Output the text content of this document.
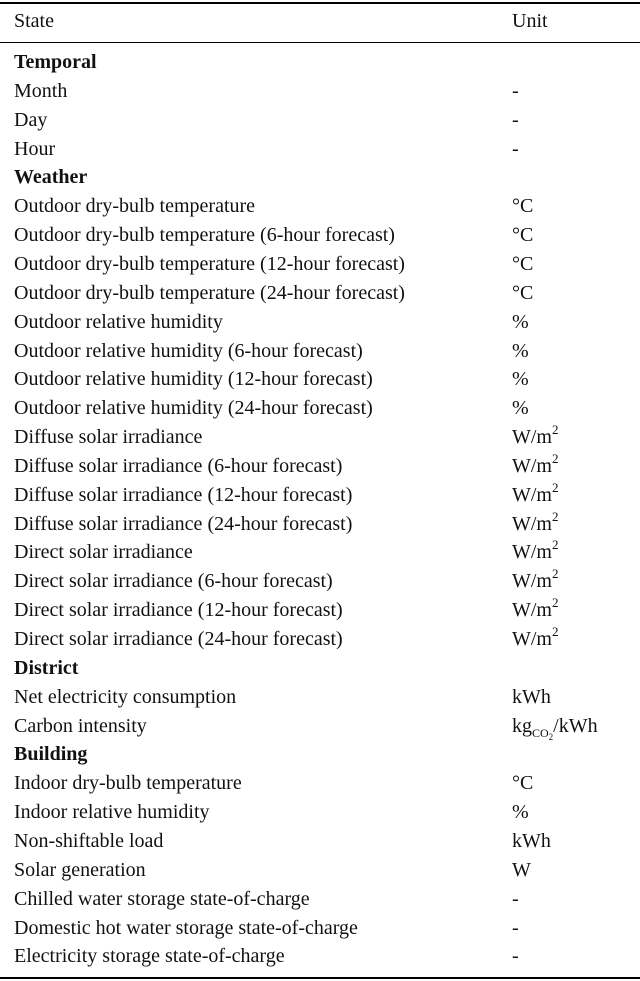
State	Unit
Temporal
Month	-
Day	-
Hour	-
Weather
Outdoor dry-bulb temperature	°C
Outdoor dry-bulb temperature (6-hour forecast)	°C
Outdoor dry-bulb temperature (12-hour forecast)	°C
Outdoor dry-bulb temperature (24-hour forecast)	°C
Outdoor relative humidity	%
Outdoor relative humidity (6-hour forecast)	%
Outdoor relative humidity (12-hour forecast)	%
Outdoor relative humidity (24-hour forecast)	%
Diffuse solar irradiance	$W/m^2$
Diffuse solar irradiance (6-hour forecast)	$W/m^2$
Diffuse solar irradiance (12-hour forecast)	$W/m^2$
Diffuse solar irradiance (24-hour forecast)	$W/m^2$
Direct solar irradiance	$W/m^2$
Direct solar irradiance (6-hour forecast)	$W/m^2$
Direct solar irradiance (12-hour forecast)	$W/m^2$
Direct solar irradiance (24-hour forecast)	$W/m^2$
District
Net electricity consumption	kWh
Carbon intensity	$kg_{CO_2}$/kWh
Building
Indoor dry-bulb temperature	°C
Indoor relative humidity	%
Non-shiftable load	kWh
Solar generation	W
Chilled water storage state-of-charge	-
Domestic hot water storage state-of-charge	-
Electricity storage state-of-charge	-
